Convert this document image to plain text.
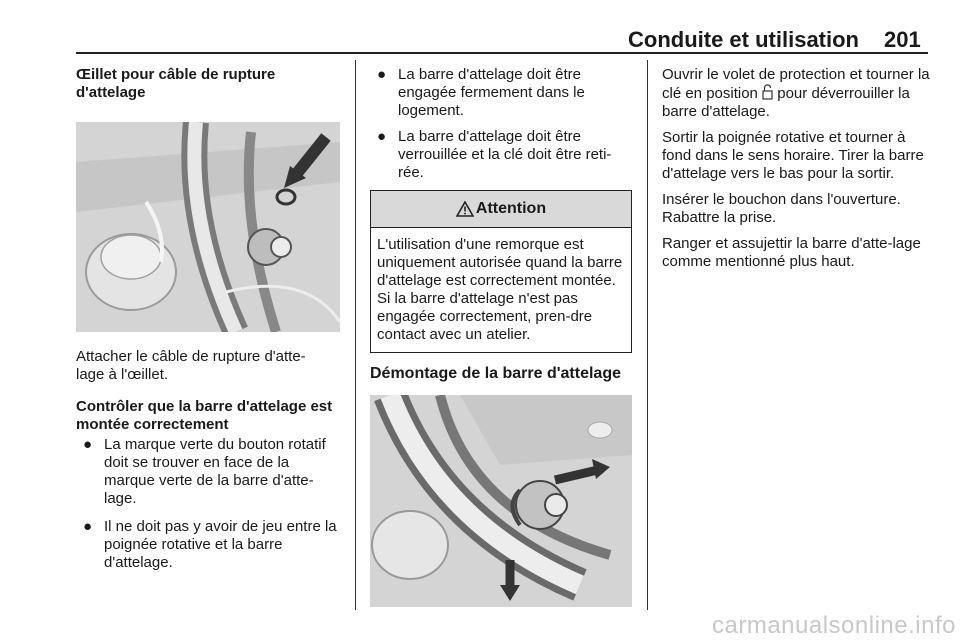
Conduite et utilisation 201
Œillet pour câble de rupture d'attelage

Attacher le câble de rupture d'atte-lage à l'œillet.

Contrôler que la barre d'attelage est montée correctement
● La marque verte du bouton rotatif doit se trouver en face de la marque verte de la barre d'atte-lage.
● Il ne doit pas y avoir de jeu entre la poignée rotative et la barre d'attelage.
● La barre d'attelage doit être engagée fermement dans le logement.
● La barre d'attelage doit être verrouillée et la clé doit être reti-rée.
Attention
L'utilisation d'une remorque est uniquement autorisée quand la barre d'attelage est correctement montée. Si la barre d'attelage n'est pas engagée correctement, pren-dre contact avec un atelier.
Démontage de la barre d'attelage

Ouvrir le volet de protection et tourner la clé en position pour déverrouiller la barre d'attelage.

Sortir la poignée rotative et tourner à fond dans le sens horaire. Tirer la barre d'attelage vers le bas pour la sortir.

Insérer le bouchon dans l'ouverture. Rabattre la prise.

Ranger et assujettir la barre d'atte-lage comme mentionné plus haut.

carmanualsonline.info
